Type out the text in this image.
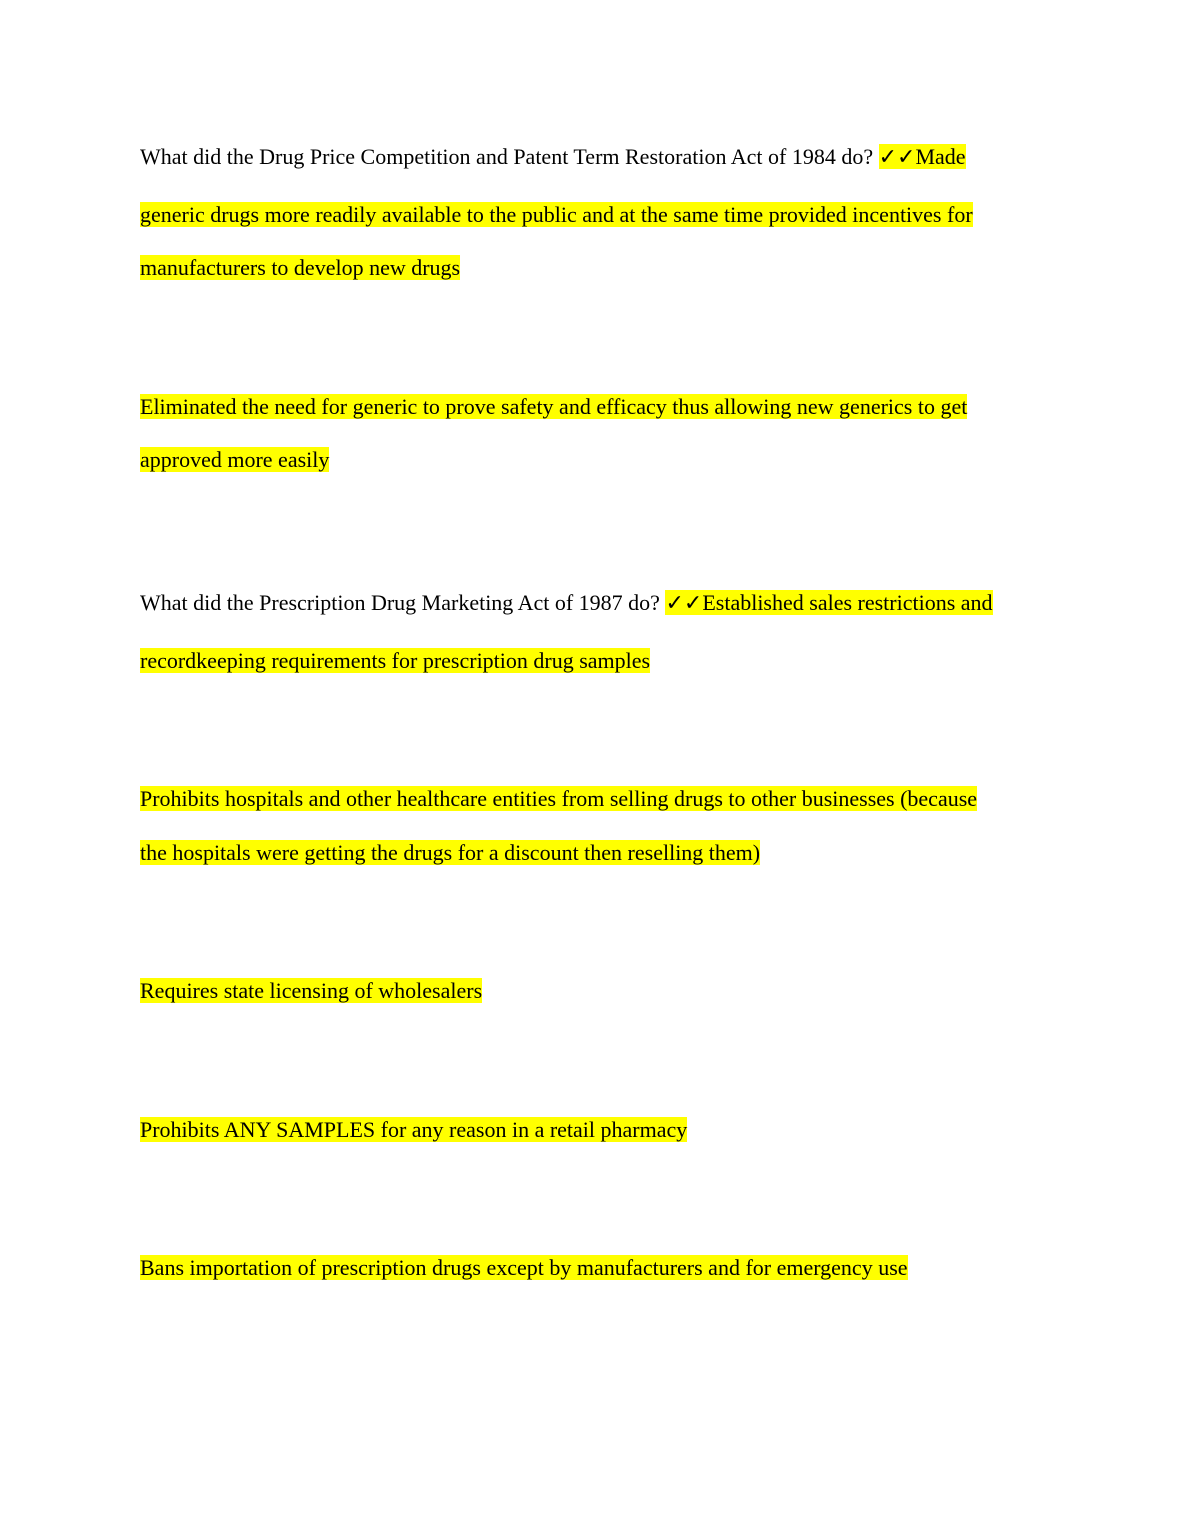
What did the Drug Price Competition and Patent Term Restoration Act of 1984 do? ✓✓Made
generic drugs more readily available to the public and at the same time provided incentives for
manufacturers to develop new drugs
Eliminated the need for generic to prove safety and efficacy thus allowing new generics to get
approved more easily
What did the Prescription Drug Marketing Act of 1987 do? ✓✓Established sales restrictions and
recordkeeping requirements for prescription drug samples
Prohibits hospitals and other healthcare entities from selling drugs to other businesses (because
the hospitals were getting the drugs for a discount then reselling them)
Requires state licensing of wholesalers
Prohibits ANY SAMPLES for any reason in a retail pharmacy
Bans importation of prescription drugs except by manufacturers and for emergency use
